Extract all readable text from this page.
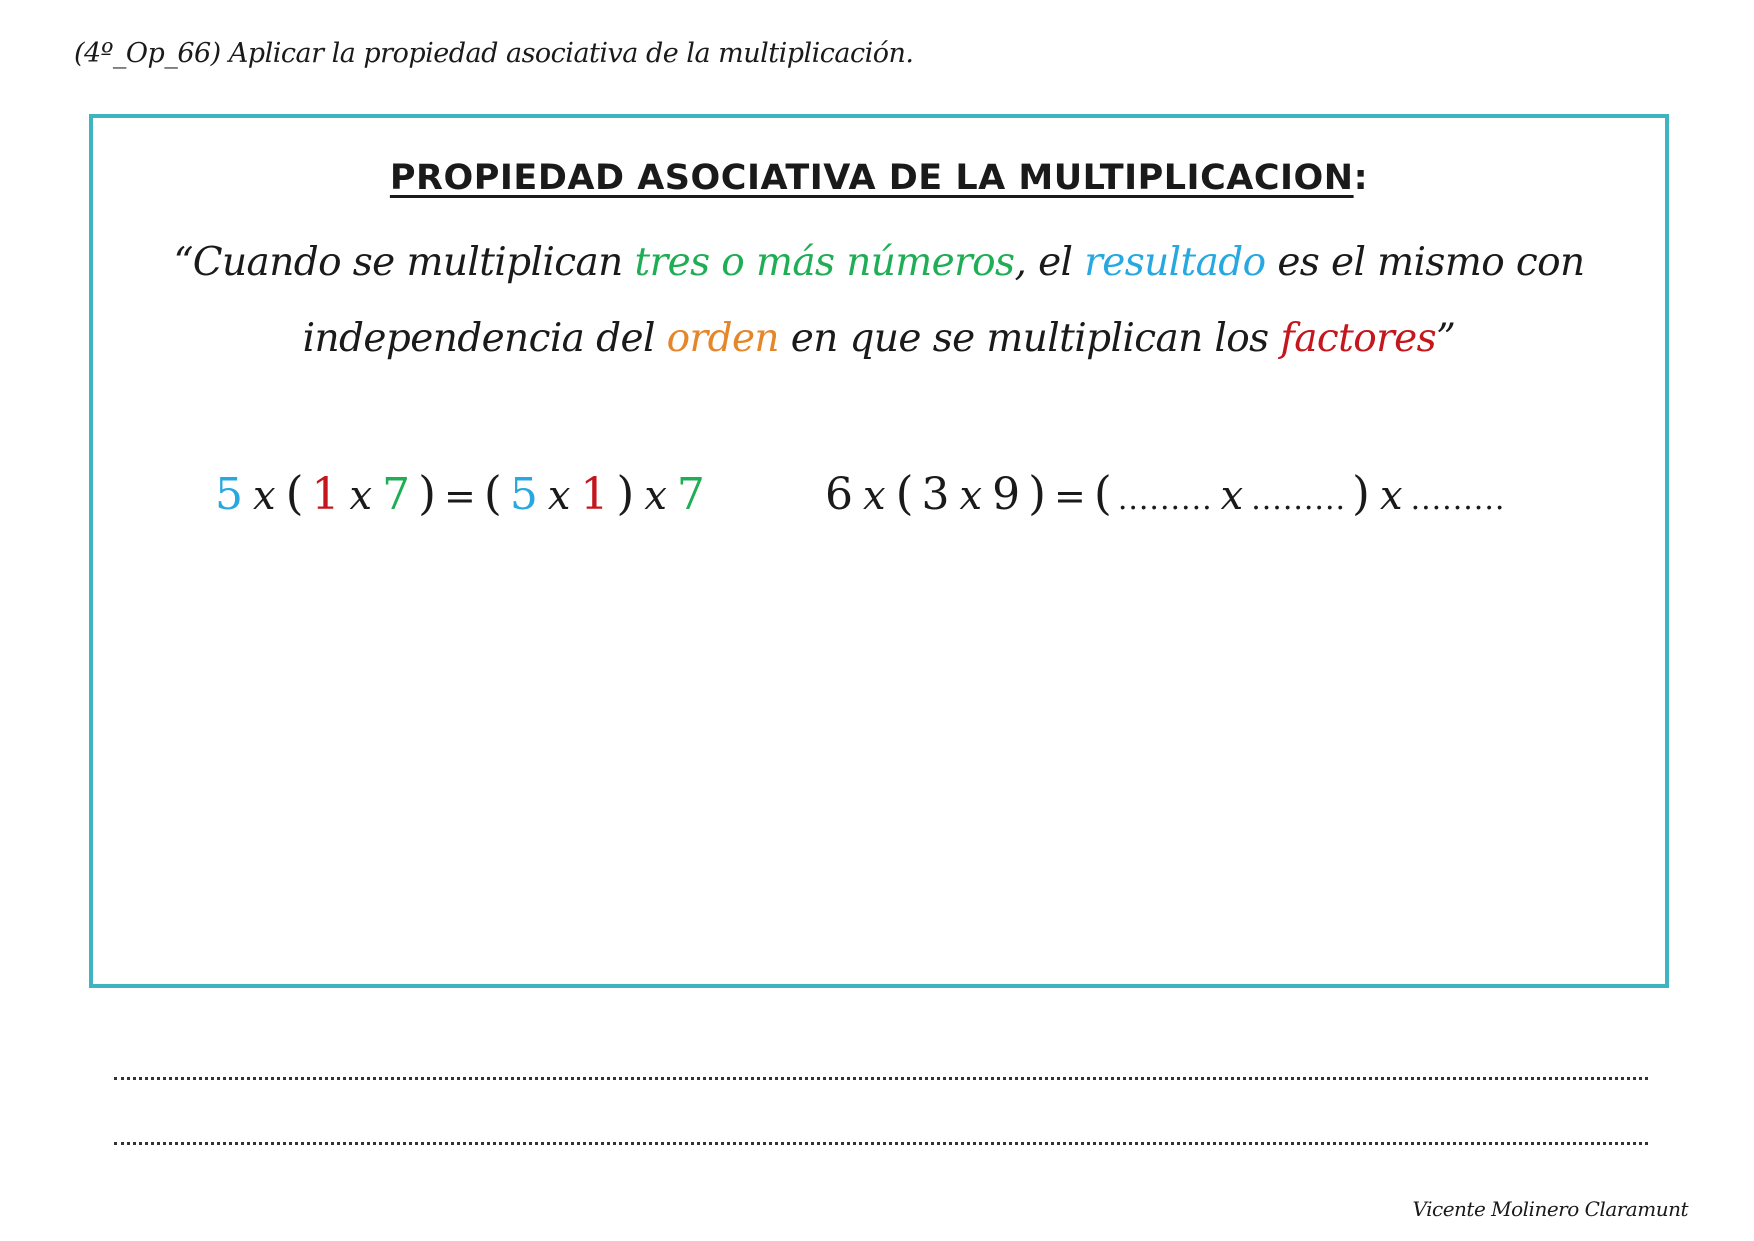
(4º_Op_66) Aplicar la propiedad asociativa de la multiplicación.
PROPIEDAD ASOCIATIVA DE LA MULTIPLICACION:
“Cuando se multiplican tres o más números, el resultado es el mismo con
independencia del orden en que se multiplican los factores”
5 x ( 1 x 7 ) = ( 5 x 1 ) x 7	6 x ( 3 x 9 ) = ( ......... x ......... ) x .........
Vicente Molinero Claramunt
